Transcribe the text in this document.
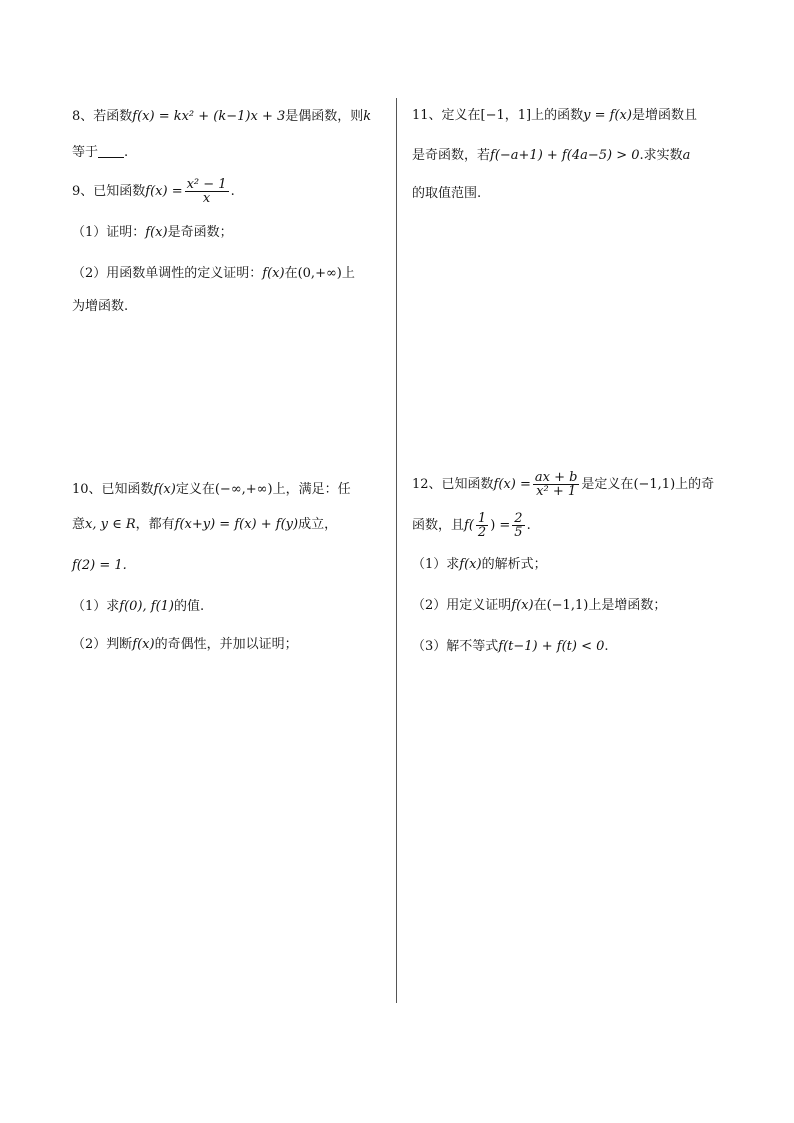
8、若函数f(x) = kx² + (k−1)x + 3是偶函数，则k
等于 .
9、已知函数$f(x) = \frac{\text{x² − 1}}{x}$ .
（1）证明：f(x)是奇函数；
（2）用函数单调性的定义证明：f(x)在(0,+∞)上
为增函数.
10、已知函数f(x)定义在(−∞,+∞)上，满足：任
意x, y ∈ R，都有f(x+y) = f(x) + f(y)成立，
f(2) = 1.
（1）求f(0), f(1)的值.
（2）判断f(x)的奇偶性，并加以证明；
11、定义在[−1，1]上的函数y = f(x)是增函数且
是奇函数，若f(−a+1) + f(4a−5) > 0.求实数a
的取值范围.
12、已知函数$f(x) = \frac{ax + b}{\text{x² + 1}}$ 是定义在(−1,1)上的奇
函数，且$f( \frac{1}{2}$ ) = $\frac{2}{5}$ .
（1）求f(x)的解析式；
（2）用定义证明f(x)在(−1,1)上是增函数；
（3）解不等式f(t−1) + f(t) < 0.
